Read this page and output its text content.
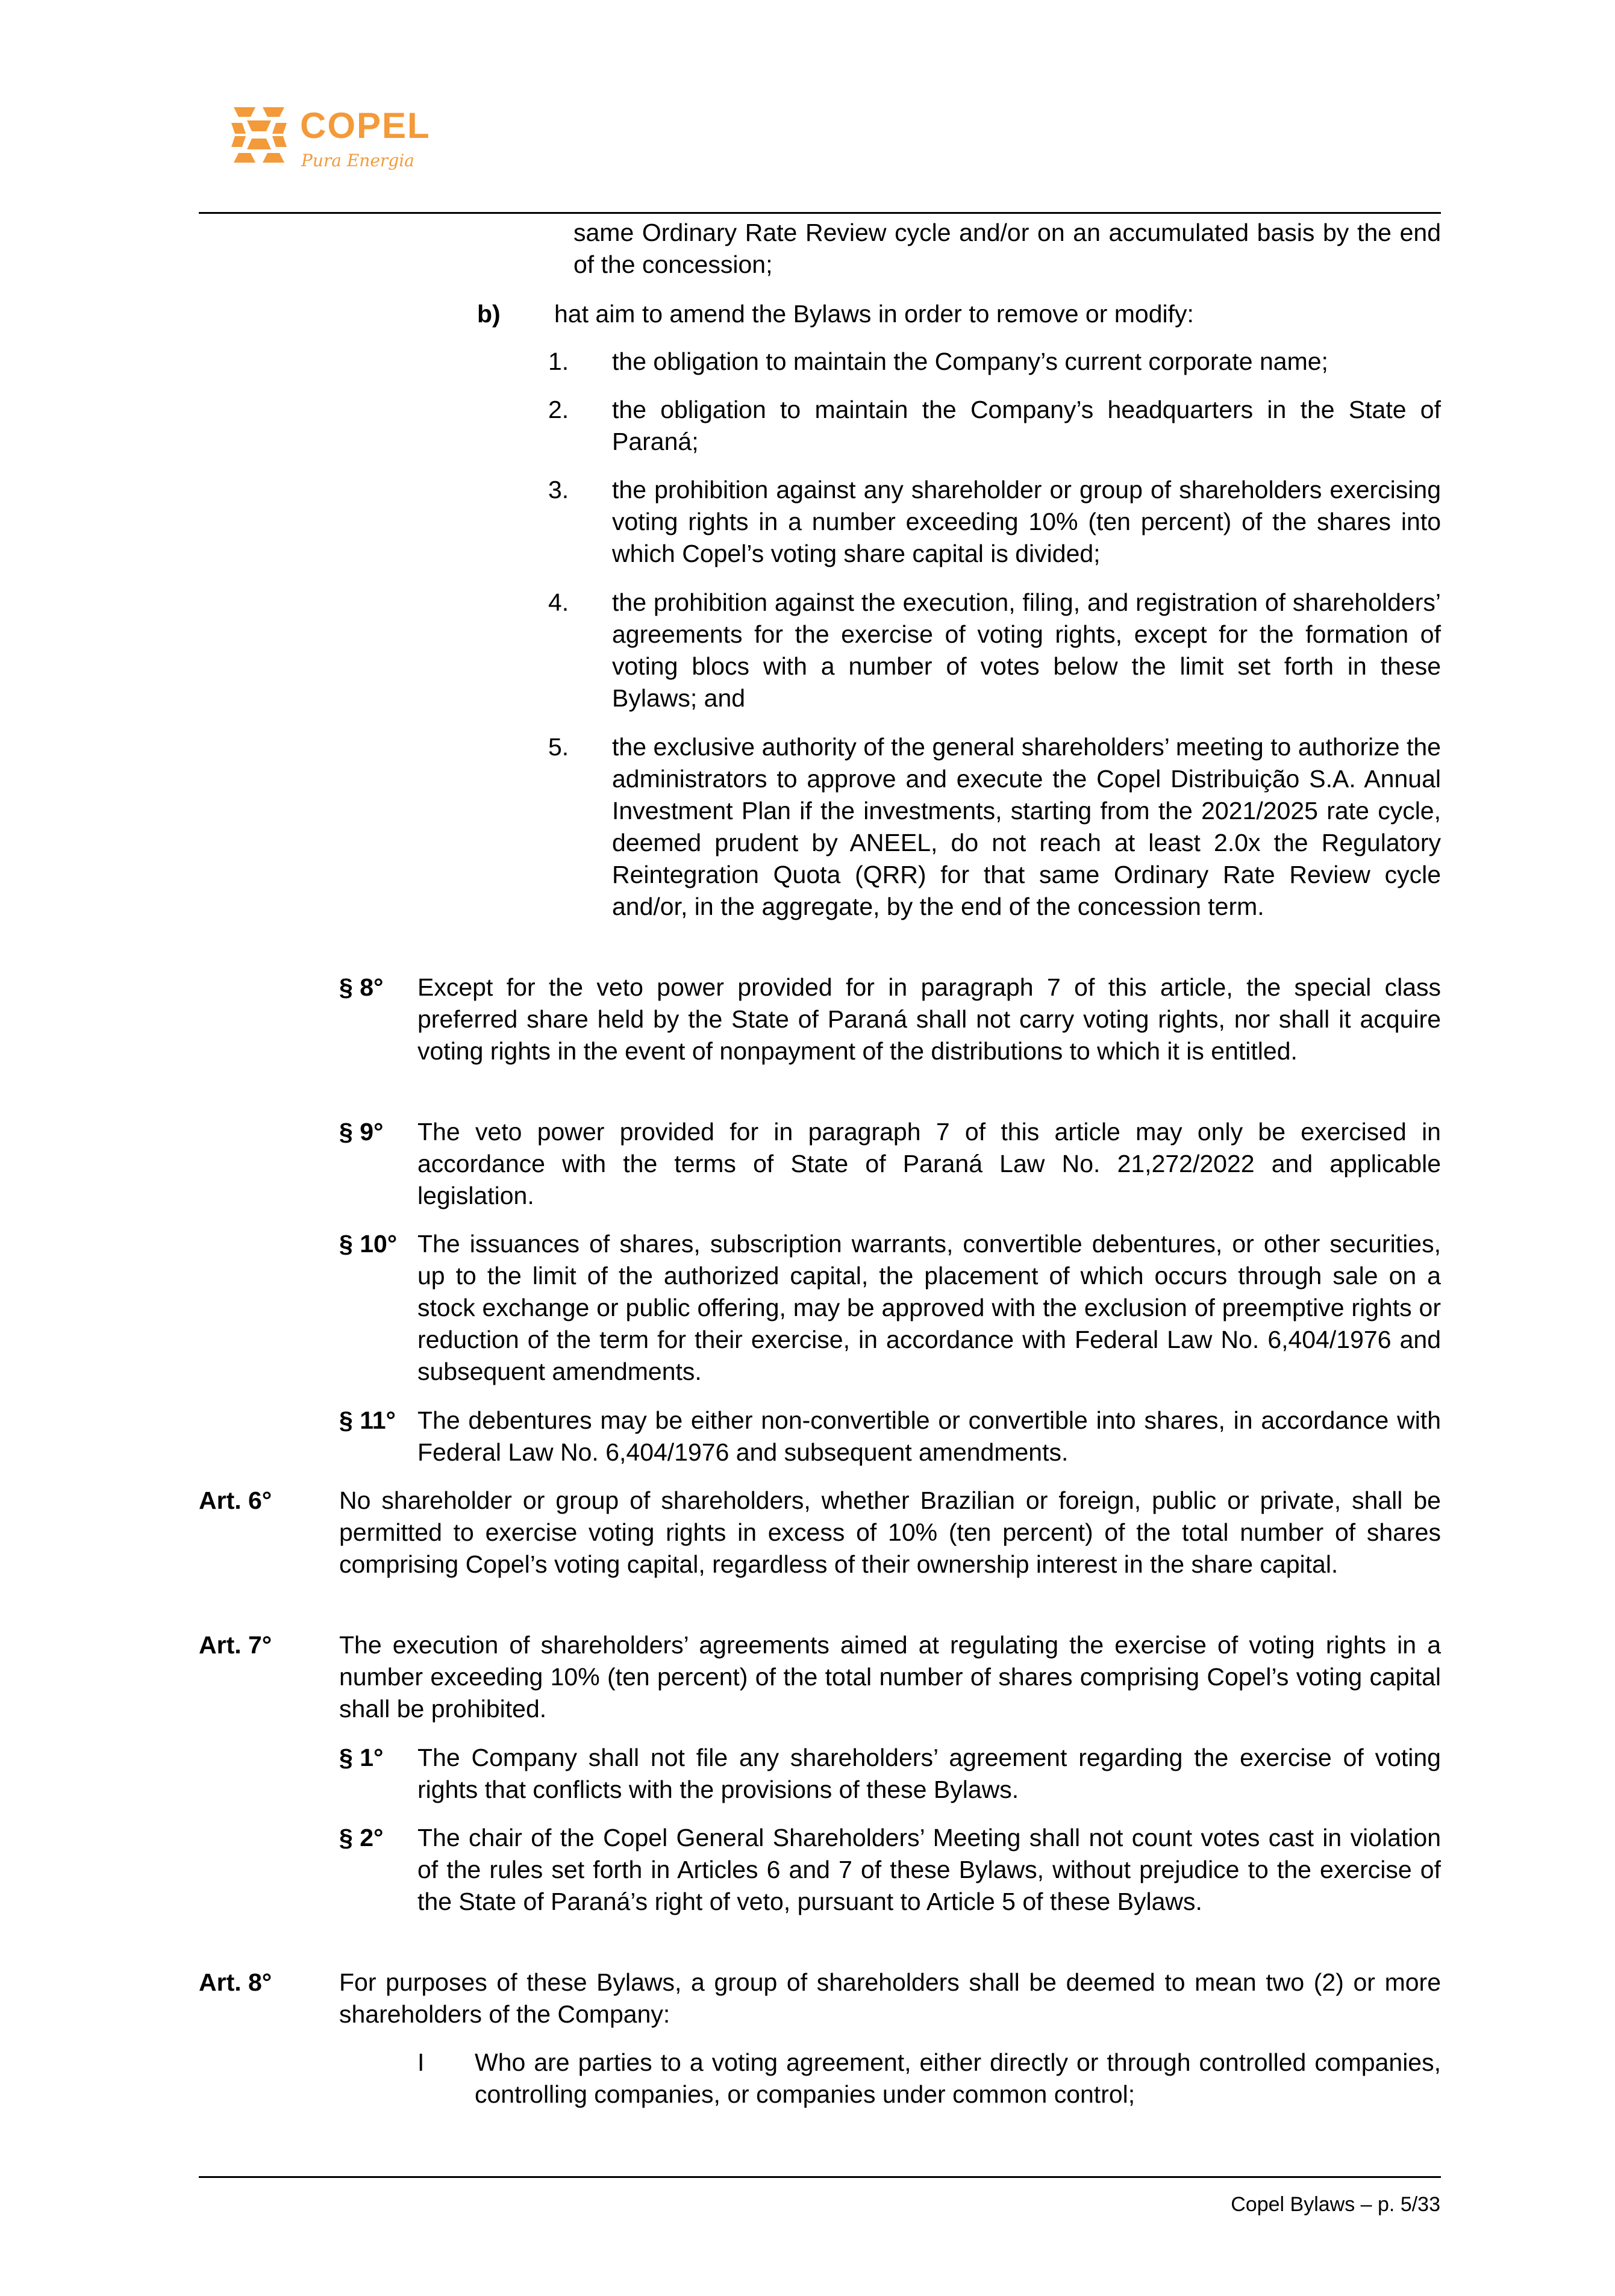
COPEL
Pura Energia
same Ordinary Rate Review cycle and/or on an accumulated basis by the end of the concession;
b) hat aim to amend the Bylaws in order to remove or modify:
1. the obligation to maintain the Company’s current corporate name;
2. the obligation to maintain the Company’s headquarters in the State of Paraná;
3. the prohibition against any shareholder or group of shareholders exercising voting rights in a number exceeding 10% (ten percent) of the shares into which Copel’s voting share capital is divided;
4. the prohibition against the execution, filing, and registration of shareholders’ agreements for the exercise of voting rights, except for the formation of voting blocs with a number of votes below the limit set forth in these Bylaws; and
5. the exclusive authority of the general shareholders’ meeting to authorize the administrators to approve and execute the Copel Distribuição S.A. Annual Investment Plan if the investments, starting from the 2021/2025 rate cycle, deemed prudent by ANEEL, do not reach at least 2.0x the Regulatory Reintegration Quota (QRR) for that same Ordinary Rate Review cycle and/or, in the aggregate, by the end of the concession term.
§ 8° Except for the veto power provided for in paragraph 7 of this article, the special class preferred share held by the State of Paraná shall not carry voting rights, nor shall it acquire voting rights in the event of nonpayment of the distributions to which it is entitled.
§ 9° The veto power provided for in paragraph 7 of this article may only be exercised in accordance with the terms of State of Paraná Law No. 21,272/2022 and applicable legislation.
§ 10° The issuances of shares, subscription warrants, convertible debentures, or other securities, up to the limit of the authorized capital, the placement of which occurs through sale on a stock exchange or public offering, may be approved with the exclusion of preemptive rights or reduction of the term for their exercise, in accordance with Federal Law No. 6,404/1976 and subsequent amendments.
§ 11° The debentures may be either non-convertible or convertible into shares, in accordance with Federal Law No. 6,404/1976 and subsequent amendments.
Art. 6°	No shareholder or group of shareholders, whether Brazilian or foreign, public or private, shall be permitted to exercise voting rights in excess of 10% (ten percent) of the total number of shares comprising Copel’s voting capital, regardless of their ownership interest in the share capital.
Art. 7°	The execution of shareholders’ agreements aimed at regulating the exercise of voting rights in a number exceeding 10% (ten percent) of the total number of shares comprising Copel’s voting capital shall be prohibited.
§ 1° The Company shall not file any shareholders’ agreement regarding the exercise of voting rights that conflicts with the provisions of these Bylaws.
§ 2° The chair of the Copel General Shareholders’ Meeting shall not count votes cast in violation of the rules set forth in Articles 6 and 7 of these Bylaws, without prejudice to the exercise of the State of Paraná’s right of veto, pursuant to Article 5 of these Bylaws.
Art. 8°	For purposes of these Bylaws, a group of shareholders shall be deemed to mean two (2) or more shareholders of the Company:
I Who are parties to a voting agreement, either directly or through controlled companies, controlling companies, or companies under common control;
Copel Bylaws – p. 5/33
